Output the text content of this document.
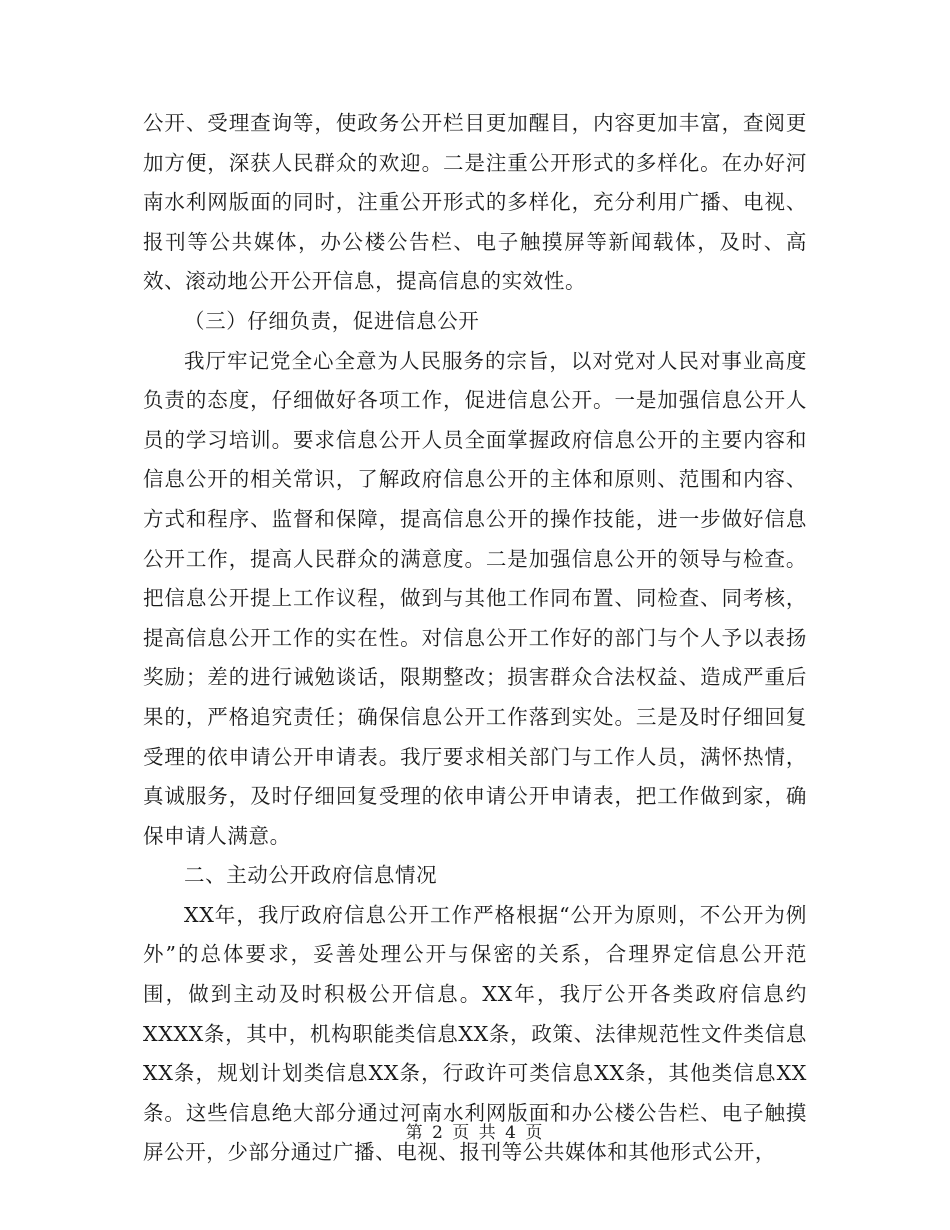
公开、受理查询等，使政务公开栏目更加醒目，内容更加丰富，查阅更加方便，深获人民群众的欢迎。二是注重公开形式的多样化。在办好河南水利网版面的同时，注重公开形式的多样化，充分利用广播、电视、报刊等公共媒体，办公楼公告栏、电子触摸屏等新闻载体，及时、高效、滚动地公开公开信息，提高信息的实效性。

（三）仔细负责，促进信息公开

我厅牢记党全心全意为人民服务的宗旨，以对党对人民对事业高度负责的态度，仔细做好各项工作，促进信息公开。一是加强信息公开人员的学习培训。要求信息公开人员全面掌握政府信息公开的主要内容和信息公开的相关常识，了解政府信息公开的主体和原则、范围和内容、方式和程序、监督和保障，提高信息公开的操作技能，进一步做好信息公开工作，提高人民群众的满意度。二是加强信息公开的领导与检查。把信息公开提上工作议程，做到与其他工作同布置、同检查、同考核，提高信息公开工作的实在性。对信息公开工作好的部门与个人予以表扬奖励；差的进行诫勉谈话，限期整改；损害群众合法权益、造成严重后果的，严格追究责任；确保信息公开工作落到实处。三是及时仔细回复受理的依申请公开申请表。我厅要求相关部门与工作人员，满怀热情，真诚服务，及时仔细回复受理的依申请公开申请表，把工作做到家，确保申请人满意。

二、主动公开政府信息情况

XX年，我厅政府信息公开工作严格根据“公开为原则，不公开为例外”的总体要求，妥善处理公开与保密的关系，合理界定信息公开范围，做到主动及时积极公开信息。XX年，我厅公开各类政府信息约XXXX条，其中，机构职能类信息XX条，政策、法律规范性文件类信息XX条，规划计划类信息XX条，行政许可类信息XX条，其他类信息XX条。这些信息绝大部分通过河南水利网版面和办公楼公告栏、电子触摸屏公开，少部分通过广播、电视、报刊等公共媒体和其他形式公开，

第 2 页 共 4 页
